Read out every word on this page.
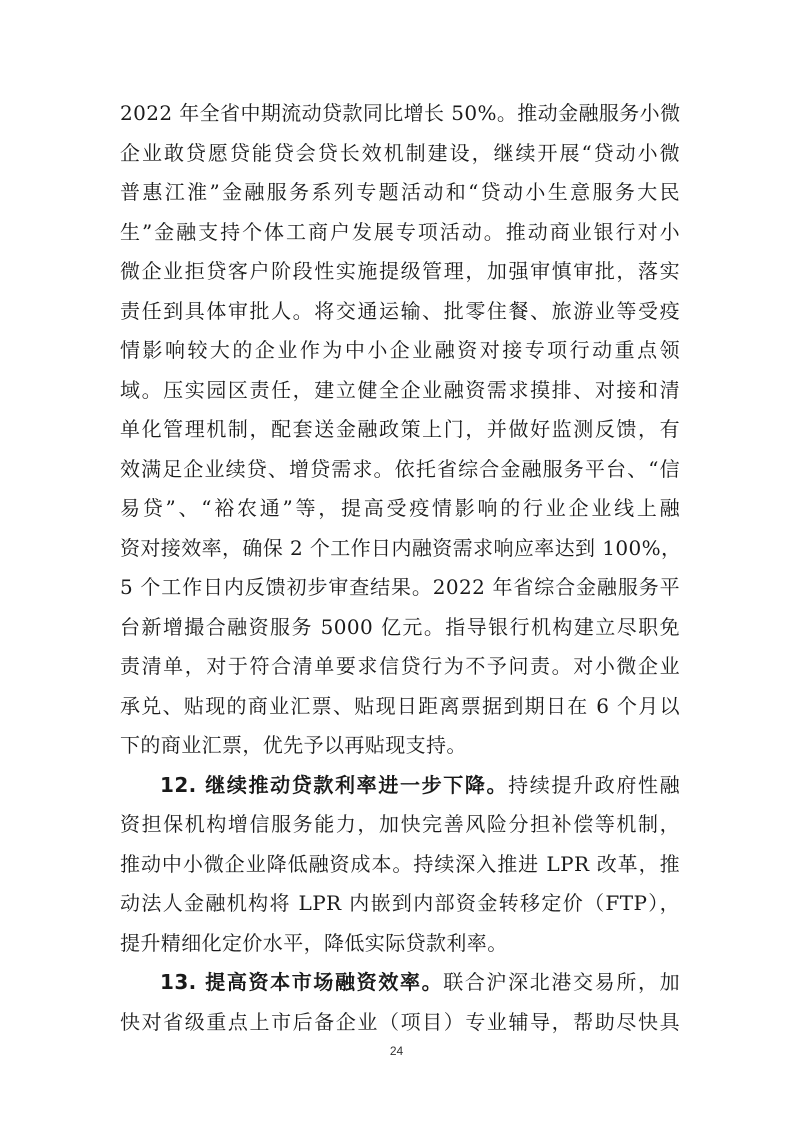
2022 年全省中期流动贷款同比增长 50%。推动金融服务小微
企业敢贷愿贷能贷会贷长效机制建设，继续开展“贷动小微
普惠江淮”金融服务系列专题活动和“贷动小生意服务大民
生”金融支持个体工商户发展专项活动。推动商业银行对小
微企业拒贷客户阶段性实施提级管理，加强审慎审批，落实
责任到具体审批人。将交通运输、批零住餐、旅游业等受疫
情影响较大的企业作为中小企业融资对接专项行动重点领
域。压实园区责任，建立健全企业融资需求摸排、对接和清
单化管理机制，配套送金融政策上门，并做好监测反馈，有
效满足企业续贷、增贷需求。依托省综合金融服务平台、“信
易贷”、“裕农通”等，提高受疫情影响的行业企业线上融
资对接效率，确保 2 个工作日内融资需求响应率达到 100%，
5 个工作日内反馈初步审查结果。2022 年省综合金融服务平
台新增撮合融资服务 5000 亿元。指导银行机构建立尽职免
责清单，对于符合清单要求信贷行为不予问责。对小微企业
承兑、贴现的商业汇票、贴现日距离票据到期日在 6 个月以
下的商业汇票，优先予以再贴现支持。
12. 继续推动贷款利率进一步下降。持续提升政府性融
资担保机构增信服务能力，加快完善风险分担补偿等机制，
推动中小微企业降低融资成本。持续深入推进 LPR 改革，推
动法人金融机构将 LPR 内嵌到内部资金转移定价（FTP），
提升精细化定价水平，降低实际贷款利率。
13. 提高资本市场融资效率。联合沪深北港交易所，加
快对省级重点上市后备企业（项目）专业辅导，帮助尽快具
24
